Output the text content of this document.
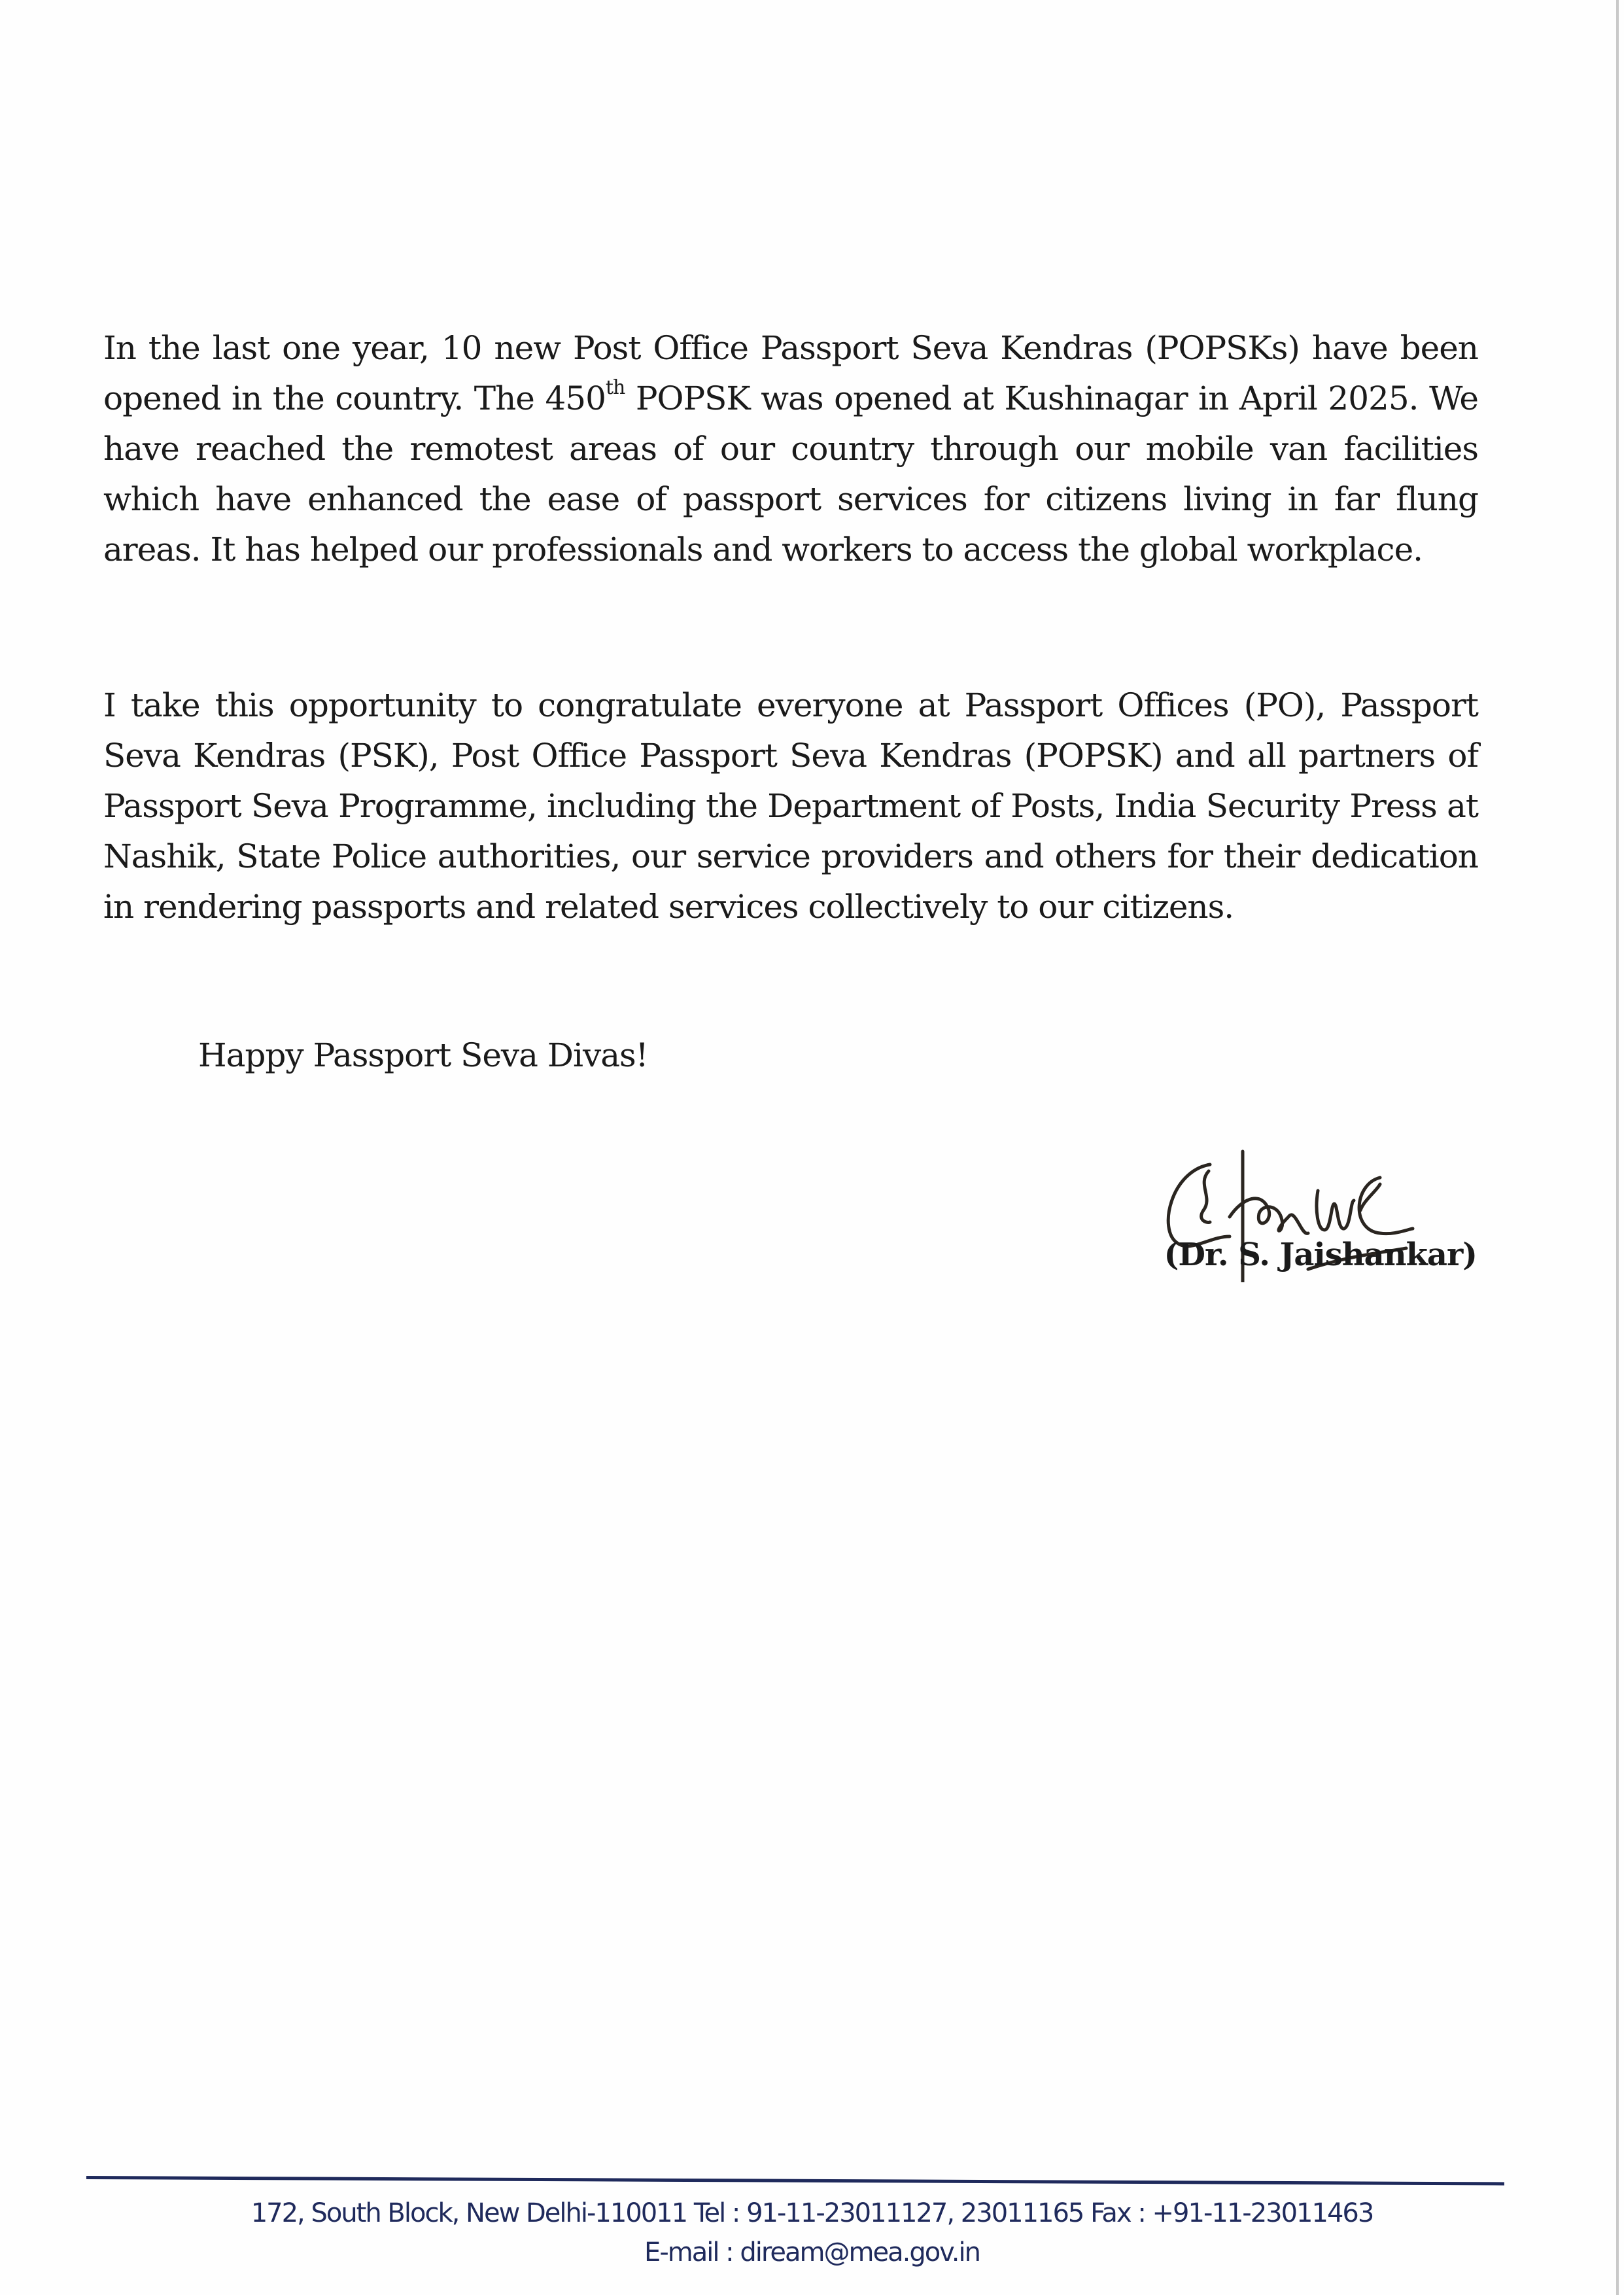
In the last one year, 10 new Post Office Passport Seva Kendras (POPSKs) have been opened in the country. The 450th POPSK was opened at Kushinagar in April 2025. We have reached the remotest areas of our country through our mobile van facilities which have enhanced the ease of passport services for citizens living in far flung areas. It has helped our professionals and workers to access the global workplace.

I take this opportunity to congratulate everyone at Passport Offices (PO), Passport Seva Kendras (PSK), Post Office Passport Seva Kendras (POPSK) and all partners of Passport Seva Programme, including the Department of Posts, India Security Press at Nashik, State Police authorities, our service providers and others for their dedication in rendering passports and related services collectively to our citizens.

Happy Passport Seva Divas!

(Dr. S. Jaishankar)
172, South Block, New Delhi-110011 Tel : 91-11-23011127, 23011165 Fax : +91-11-23011463
E-mail : diream@mea.gov.in
